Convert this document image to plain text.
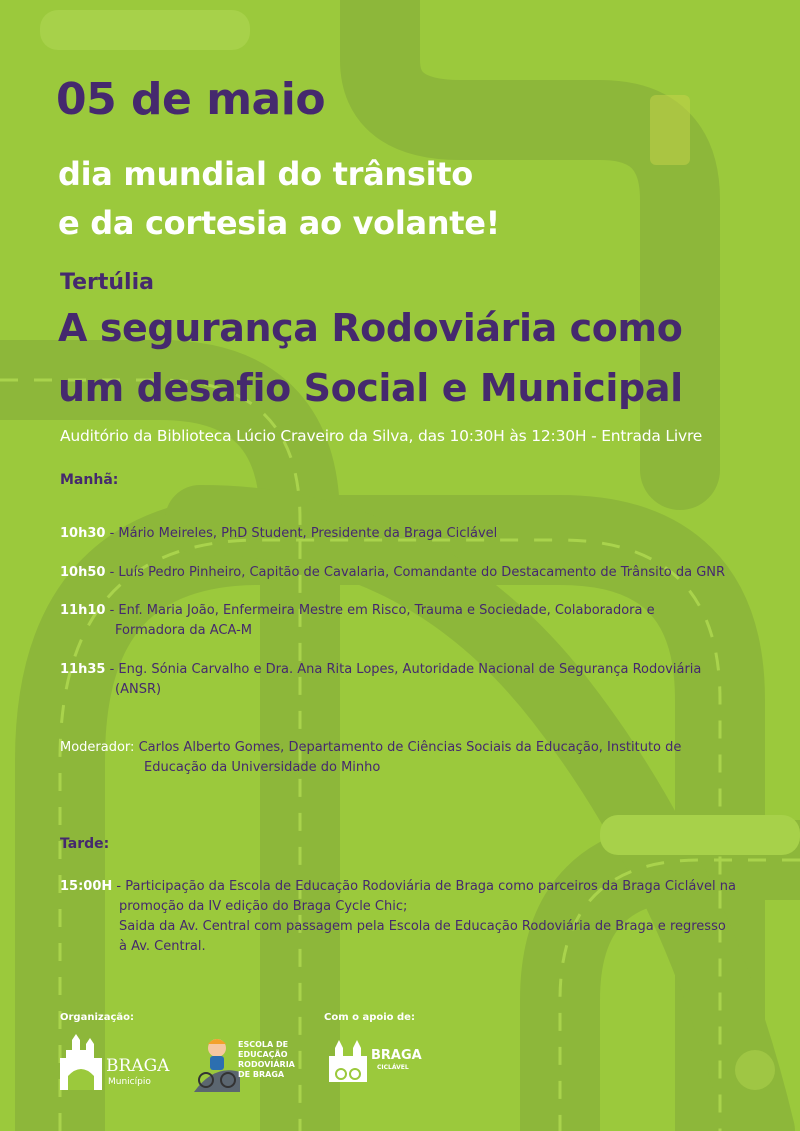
05 de maio
dia mundial do trânsito
e da cortesia ao volante!
Tertúlia
A segurança Rodoviária como
um desafio Social e Municipal
Auditório da Biblioteca Lúcio Craveiro da Silva, das 10:30H às 12:30H - Entrada Livre
Manhã:
10h30 - Mário Meireles, PhD Student, Presidente da Braga Ciclável
10h50 - Luís Pedro Pinheiro, Capitão de Cavalaria, Comandante do Destacamento de Trânsito da GNR
11h10 - Enf. Maria João, Enfermeira Mestre em Risco, Trauma e Sociedade, Colaboradora e
Formadora da ACA-M
11h35 - Eng. Sónia Carvalho e Dra. Ana Rita Lopes, Autoridade Nacional de Segurança Rodoviária
(ANSR)
Moderador: Carlos Alberto Gomes, Departamento de Ciências Sociais da Educação, Instituto de
Educação da Universidade do Minho
Tarde:
15:00H - Participação da Escola de Educação Rodoviária de Braga como parceiros da Braga Ciclável na
promoção da IV edição do Braga Cycle Chic;
Saida da Av. Central com passagem pela Escola de Educação Rodoviária de Braga e regresso
à Av. Central.
Organização:	Com o apoio de:
BRAGA
Município
ESCOLA DE
EDUCAÇÃO
RODOVIÁRIA
DE BRAGA
BRAGA
CICLÁVEL
